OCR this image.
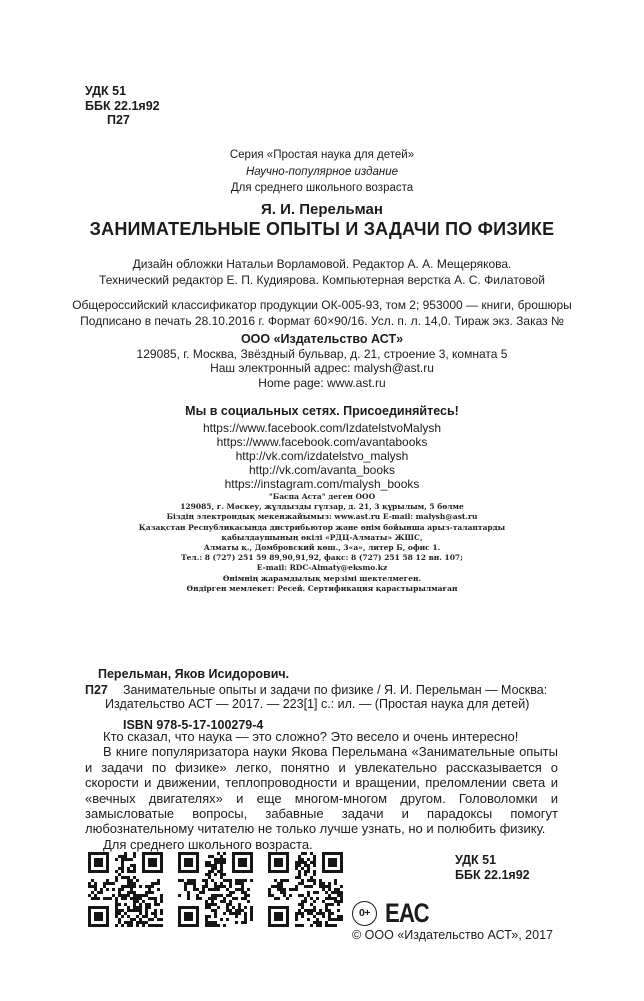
УДК 51
ББК 22.1я92
П27
Серия «Простая наука для детей»
Научно-популярное издание
Для среднего школьного возраста
Я. И. Перельман
ЗАНИМАТЕЛЬНЫЕ ОПЫТЫ И ЗАДАЧИ ПО ФИЗИКЕ
Дизайн обложки Натальи Ворламовой. Редактор А. А. Мещерякова.
Технический редактор Е. П. Кудиярова. Компьютерная верстка А. С. Филатовой
Общероссийский классификатор продукции ОК-005-93, том 2; 953000 — книги, брошюры
Подписано в печать 28.10.2016 г. Формат 60×90/16. Усл. п. л. 14,0. Тираж экз. Заказ №
ООО «Издательство АСТ»
129085, г. Москва, Звёздный бульвар, д. 21, строение 3, комната 5
Наш электронный адрес: malysh@ast.ru
Home page: www.ast.ru
Мы в социальных сетях. Присоединяйтесь!
https://www.facebook.com/IzdatelstvoMalysh
https://www.facebook.com/avantabooks
http://vk.com/izdatelstvo_malysh
http://vk.com/avanta_books
https://instagram.com/malysh_books
"Баспа Аста" деген ООО
129085, г. Мәскеу, жұлдызды гүлзар, д. 21, 3 құрылым, 5 бөлме
Біздің электрондық мекенжайымыз: www.ast.ru E-mail: malysh@ast.ru
Қазақстан Республикасында дистрибьютор және өнім бойынша арыз-талаптарды
қабылдаушының өкілі «РДЦ-Алматы» ЖШС,
Алматы қ., Домбровский көш., 3«а», литер Б, офис 1.
Тел.: 8 (727) 251 59 89,90,91,92, факс: 8 (727) 251 58 12 вн. 107;
E-mail: RDC-Almaty@eksmo.kz
Өнімнің жарамдылық мерзімі шектелмеген.
Өндірген мемлекет: Ресей. Сертификация қарастырылмаған
Перельман, Яков Исидорович.
П27 Занимательные опыты и задачи по физике / Я. И. Перельман — Москва: Издательство АСТ — 2017. — 223[1] с.: ил. — (Простая наука для детей)
ISBN 978-5-17-100279-4

Кто сказал, что наука — это сложно? Это весело и очень интересно!

В книге популяризатора науки Якова Перельмана «Занимательные опыты и задачи по физике» легко, понятно и увлекательно рассказывается о скорости и движении, теплопроводности и вращении, преломлении света и «вечных двигателях» и еще многом-многом другом. Головоломки и замысловатые вопросы, забавные задачи и парадоксы помогут любознательному читателю не только лучше узнать, но и полюбить физику.

Для среднего школьного возраста.

УДК 51
ББК 22.1я92
0+ ЕАС
© ООО «Издательство АСТ», 2017
